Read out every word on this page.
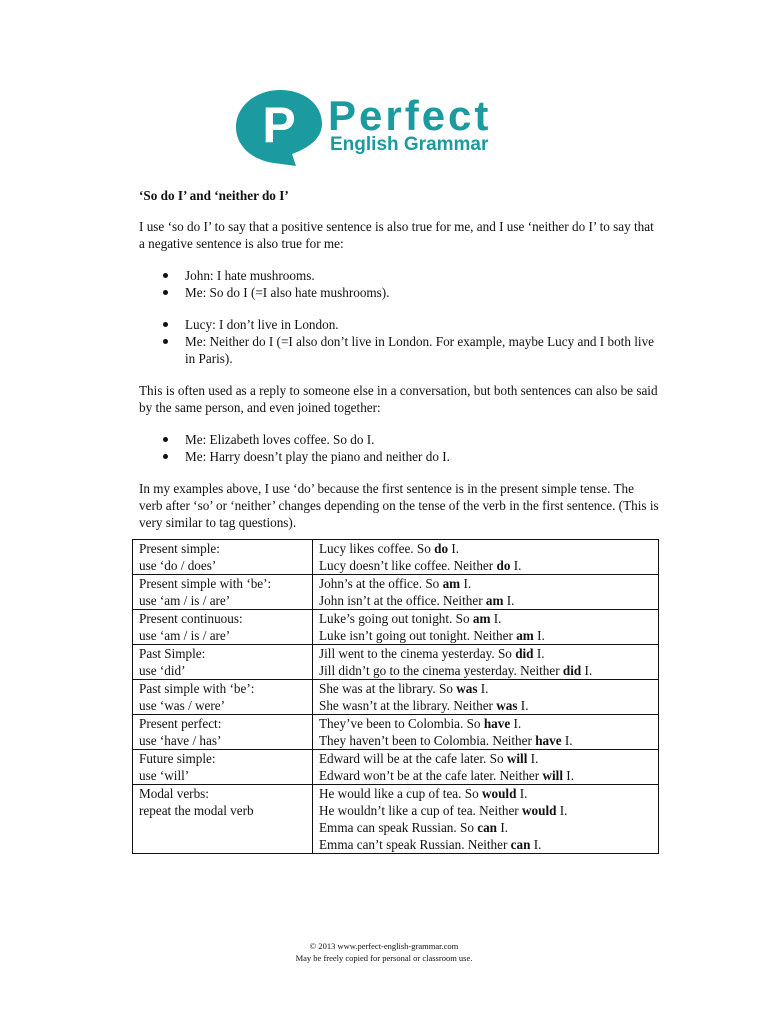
P Perfect
English Grammar

‘So do I’ and ‘neither do I’

I use ‘so do I’ to say that a positive sentence is also true for me, and I use ‘neither do I’ to say that a negative sentence is also true for me:

John: I hate mushrooms.
Me: So do I (=I also hate mushrooms).
Lucy: I don’t live in London.
Me: Neither do I (=I also don’t live in London. For example, maybe Lucy and I both live in Paris).

This is often used as a reply to someone else in a conversation, but both sentences can also be said by the same person, and even joined together:

Me: Elizabeth loves coffee. So do I.
Me: Harry doesn’t play the piano and neither do I.

In my examples above, I use ‘do’ because the first sentence is in the present simple tense. The verb after ‘so’ or ‘neither’ changes depending on the tense of the verb in the first sentence. (This is very similar to tag questions).

Present simple:
use ‘do / does’	Lucy likes coffee. So do I.
Lucy doesn’t like coffee. Neither do I.

Present simple with ‘be’:
use ‘am / is / are’	John’s at the office. So am I.
John isn’t at the office. Neither am I.

Present continuous:
use ‘am / is / are’	Luke’s going out tonight. So am I.
Luke isn’t going out tonight. Neither am I.

Past Simple:
use ‘did’	Jill went to the cinema yesterday. So did I.
Jill didn’t go to the cinema yesterday. Neither did I.

Past simple with ‘be’:
use ‘was / were’	She was at the library. So was I.
She wasn’t at the library. Neither was I.

Present perfect:
use ‘have / has’	They’ve been to Colombia. So have I.
They haven’t been to Colombia. Neither have I.

Future simple:
use ‘will’	Edward will be at the cafe later. So will I.
Edward won’t be at the cafe later. Neither will I.

Modal verbs:
repeat the modal verb	He would like a cup of tea. So would I.
He wouldn’t like a cup of tea. Neither would I.
Emma can speak Russian. So can I.
Emma can’t speak Russian. Neither can I.
© 2013 www.perfect-english-grammar.com
May be freely copied for personal or classroom use.
